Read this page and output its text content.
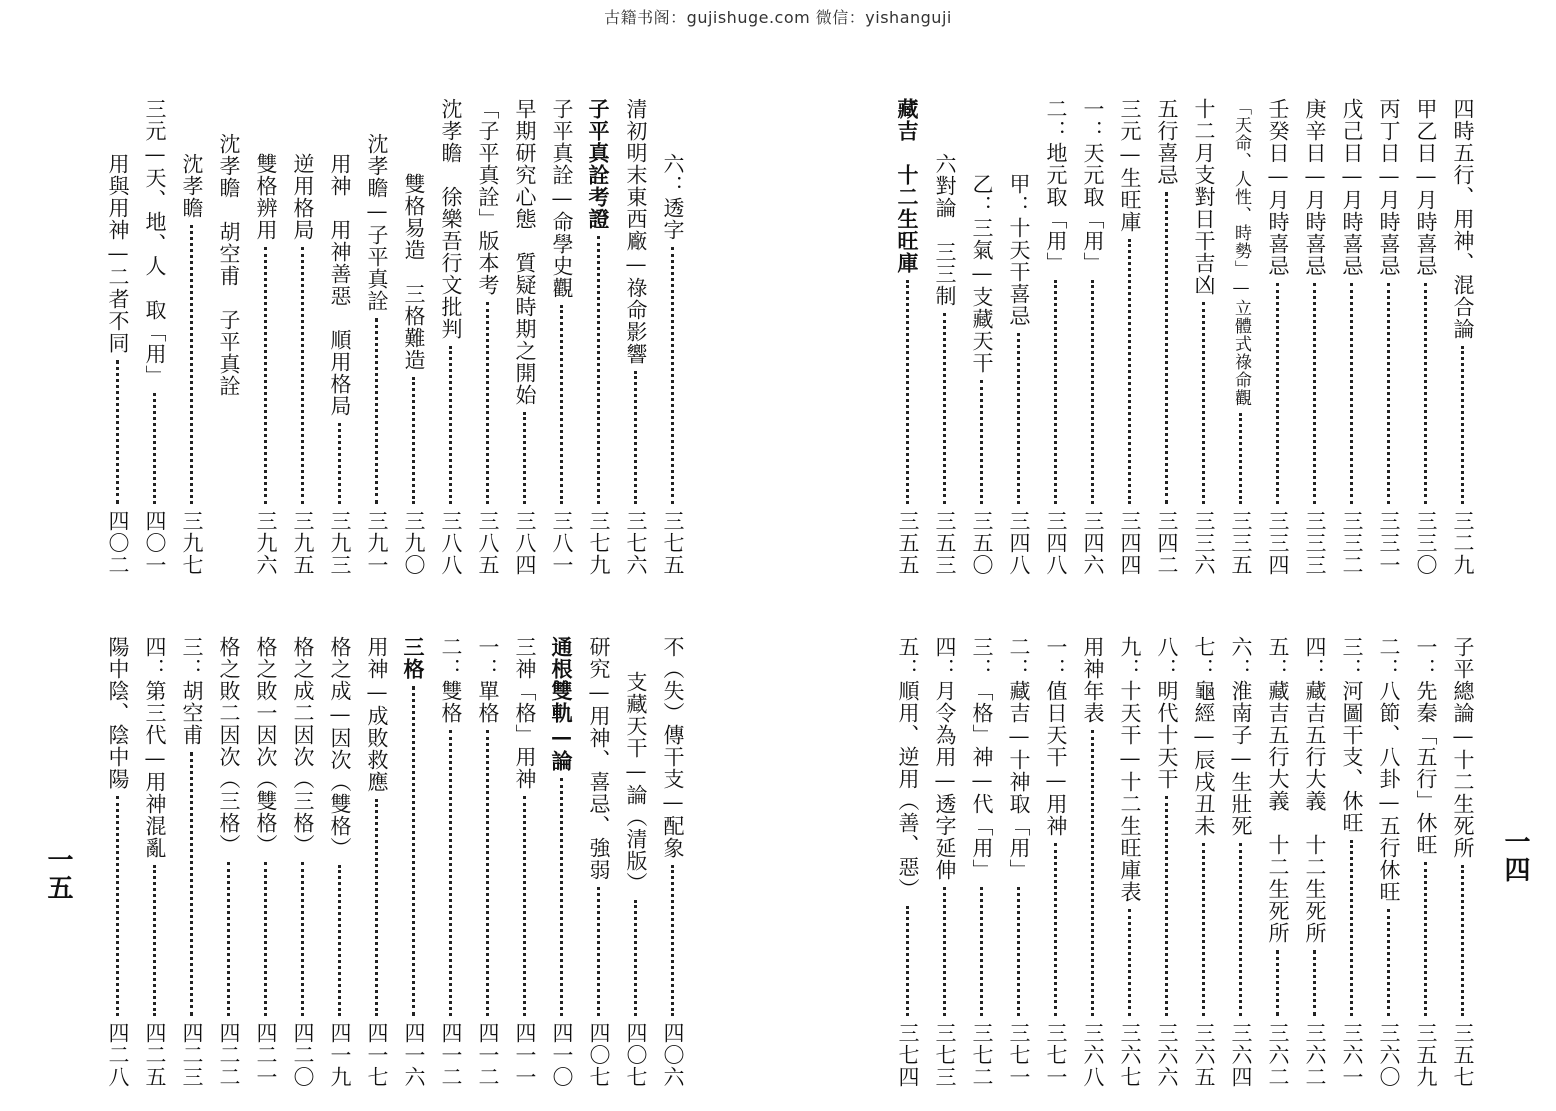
古籍书阁：gujishuge.com 微信：yishanguji
四時五行、用神、混合論
三二九
甲乙日—月時喜忌
三三〇
丙丁日—月時喜忌
三三一
戊己日—月時喜忌
三三二
庚辛日—月時喜忌
三三三
壬癸日—月時喜忌
三三四
「天命、人性、時勢」—立體式祿命觀
三三五
十二月支對日干吉凶
三三六
五行喜忌
三四二
三元—生旺庫
三四四
一：天元取「用」
三四六
二：地元取「用」
三四八
甲：十天干喜忌
三四八
乙：三氣—支藏天干
三五〇
六對論　三三制
三五三
藏吉　十二生旺庫
三五五
子平總論—十二生死所
三五七
一：先秦「五行」休旺
三五九
二：八節、八卦—五行休旺
三六〇
三：河圖干支、休旺
三六一
四：藏吉五行大義　十二生死所
三六二
五：藏吉五行大義　十二生死所
三六二
六：淮南子—生壯死
三六四
七：龜經—辰戌丑未
三六五
八：明代十天干
三六六
九：十天干—十二生旺庫表
三六七
用神年表
三六八
一：值日天干—用神
三七一
二：藏吉—十神取「用」
三七一
三：「格」神—代「用」
三七二
四：月令為用—透字延伸
三七三
五：順用、逆用（善、惡）
三七四
六：透字
三七五
清初明末東西廠—祿命影響
三七六
子平真詮考證
三七九
子平真詮—命學史觀
三八一
早期研究心態　質疑時期之開始
三八四
「子平真詮」版本考
三八五
沈孝瞻　徐樂吾行文批判
三八八
雙格易造　三格難造
三九〇
沈孝瞻—子平真詮
三九一
用神　用神善惡　順用格局
三九三
逆用格局
三九五
雙格辨用
三九六
沈孝瞻　胡空甫　子平真詮
沈孝瞻
三九七
三元—天、地、人　取「用」
四〇一
用與用神—二者不同
四〇二
不（失）傳干支—配象
四〇六
支藏天干—論（清版）
四〇七
研究—用神、喜忌、強弱
四〇七
通根雙軌—論
四一〇
三神「格」用神
四一一
一：單格
四一二
二：雙格
四一二
三格
四一六
用神—成敗救應
四一七
格之成—因次（雙格）
四一九
格之成二因次（三格）
四二〇
格之敗一因次（雙格）
四二一
格之敗二因次（三格）
四二二
三：胡空甫
四二三
四：第三代—用神混亂
四二五
陽中陰、陰中陽
四二八
一四
一五
